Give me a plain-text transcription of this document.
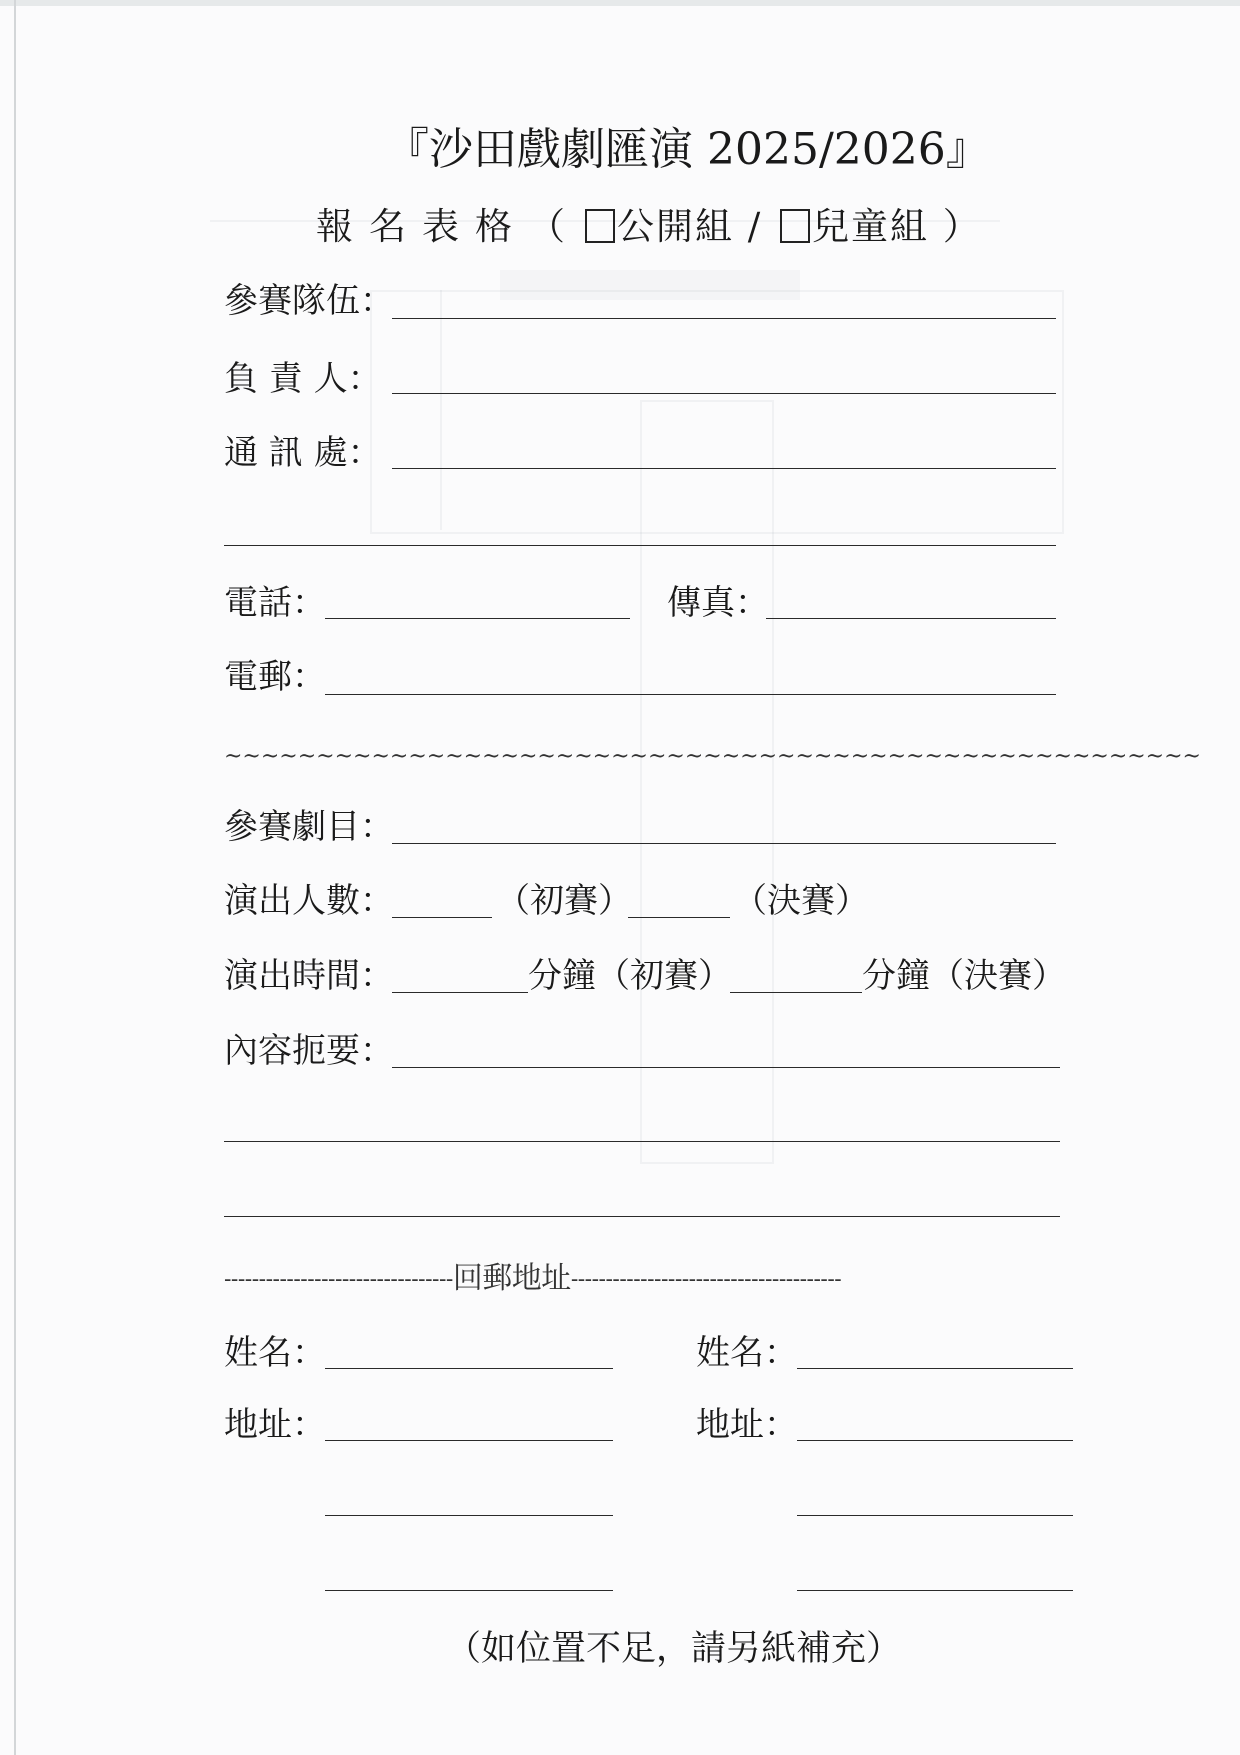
『沙田戲劇匯演 2025/2026』
報名表格（ 公開組 / 兒童組 ）
參賽隊伍：
負 責 人：
通 訊 處：
電話：	傳真：
電郵：
~~~~~~~~~~~~~~~~~~~~~~~~~~~~~~~~~~~~~~~~~~~~~~~~~~~~~
參賽劇目：
演出人數：	（初賽）	（決賽）
演出時間：	分鐘（初賽）	分鐘（決賽）
內容扼要：
---------------------------------回郵地址---------------------------------------
姓名：	姓名：
地址：	地址：
（如位置不足，請另紙補充）
